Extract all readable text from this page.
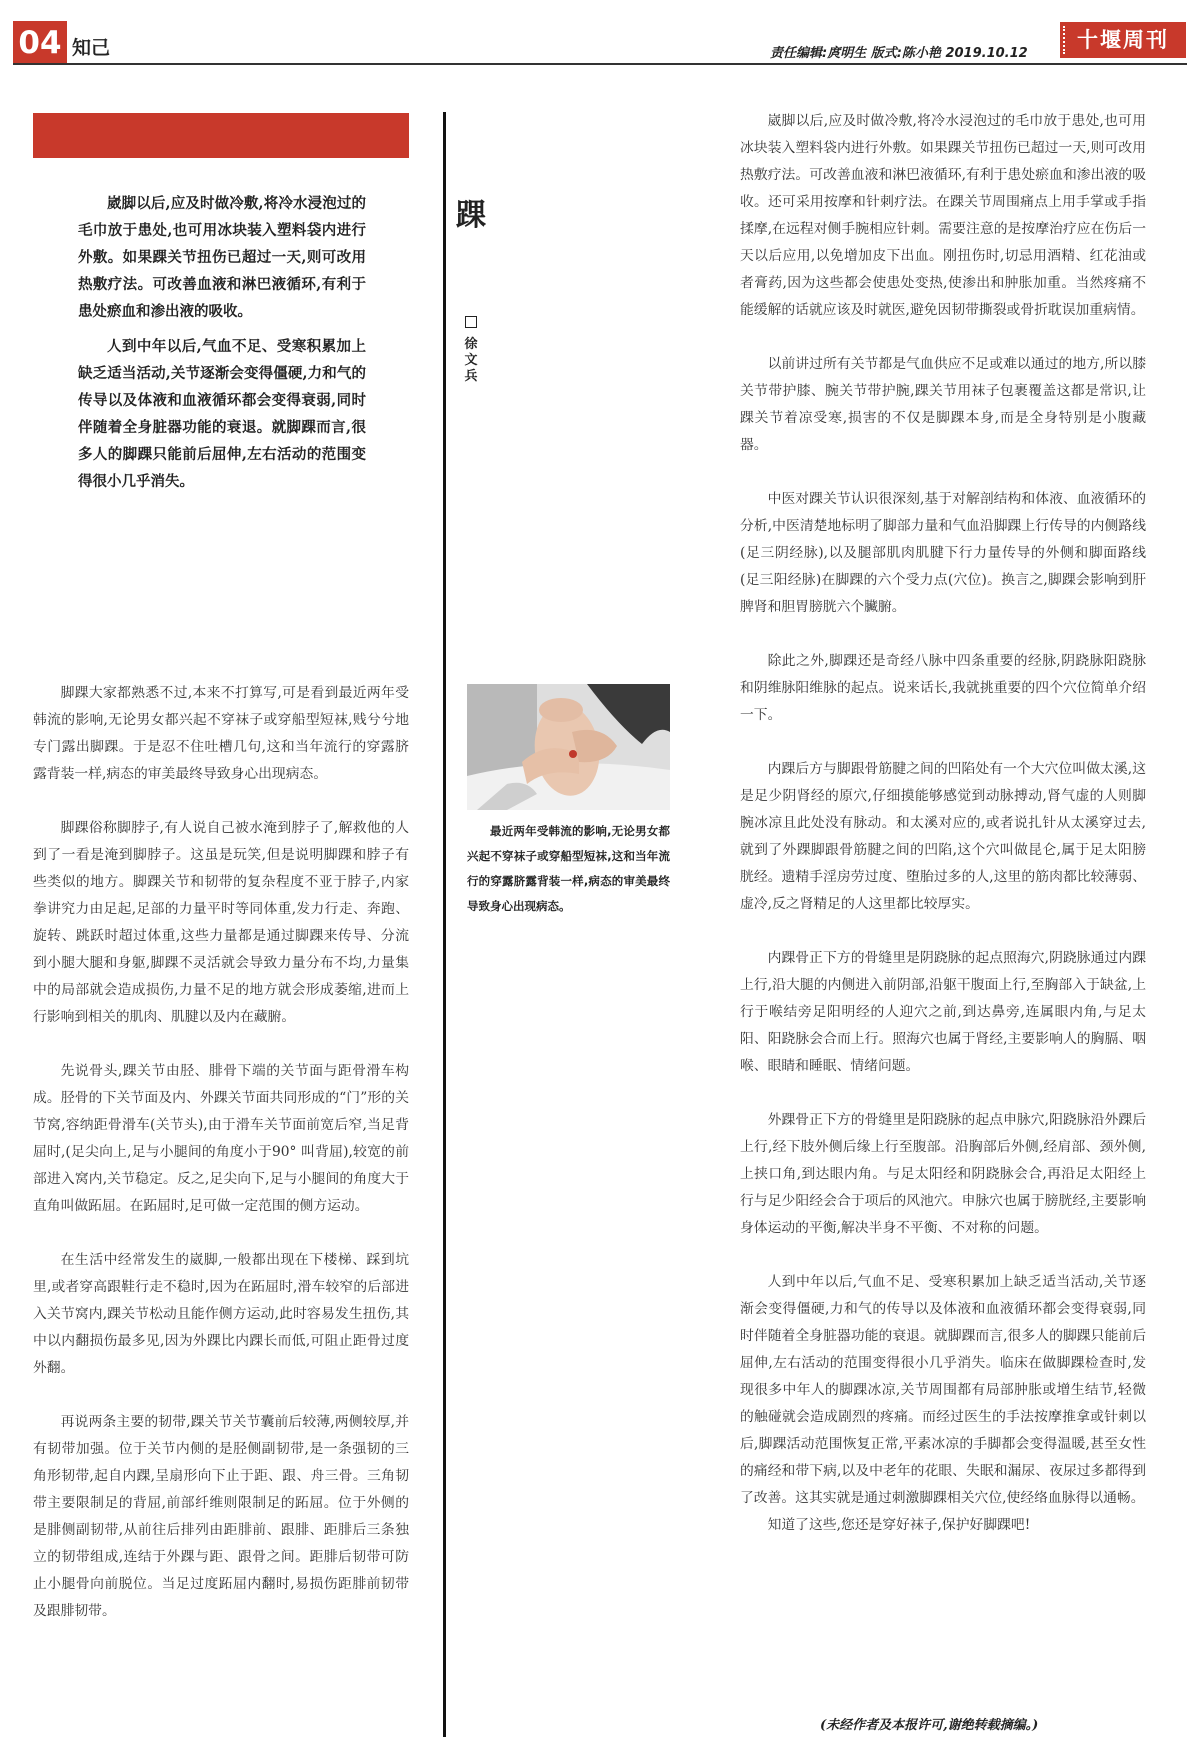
04 知己	责任编辑:庹明生 版式:陈小艳 2019.10.12
十堰周刊

崴脚以后,应及时做冷敷,将冷水浸泡过的毛巾放于患处,也可用冰块装入塑料袋内进行外敷。如果踝关节扭伤已超过一天,则可改用热敷疗法。可改善血液和淋巴液循环,有利于患处瘀血和渗出液的吸收。

人到中年以后,气血不足、受寒积累加上缺乏适当活动,关节逐渐会变得僵硬,力和气的传导以及体液和血液循环都会变得衰弱,同时伴随着全身脏器功能的衰退。就脚踝而言,很多人的脚踝只能前后屈伸,左右活动的范围变得很小几乎消失。

踝
徐文兵

最近两年受韩流的影响,无论男女都兴起不穿袜子或穿船型短袜,这和当年流行的穿露脐露背装一样,病态的审美最终导致身心出现病态。

脚踝大家都熟悉不过,本来不打算写,可是看到最近两年受韩流的影响,无论男女都兴起不穿袜子或穿船型短袜,贱兮兮地专门露出脚踝。于是忍不住吐槽几句,这和当年流行的穿露脐露背装一样,病态的审美最终导致身心出现病态。

脚踝俗称脚脖子,有人说自己被水淹到脖子了,解救他的人到了一看是淹到脚脖子。这虽是玩笑,但是说明脚踝和脖子有些类似的地方。脚踝关节和韧带的复杂程度不亚于脖子,内家拳讲究力由足起,足部的力量平时等同体重,发力行走、奔跑、旋转、跳跃时超过体重,这些力量都是通过脚踝来传导、分流到小腿大腿和身躯,脚踝不灵活就会导致力量分布不均,力量集中的局部就会造成损伤,力量不足的地方就会形成萎缩,进而上行影响到相关的肌肉、肌腱以及内在藏腑。

先说骨头,踝关节由胫、腓骨下端的关节面与距骨滑车构成。胫骨的下关节面及内、外踝关节面共同形成的“门”形的关节窝,容纳距骨滑车(关节头),由于滑车关节面前宽后窄,当足背屈时,(足尖向上,足与小腿间的角度小于90° 叫背屈),较宽的前部进入窝内,关节稳定。反之,足尖向下,足与小腿间的角度大于直角叫做跖屈。在跖屈时,足可做一定范围的侧方运动。

在生活中经常发生的崴脚,一般都出现在下楼梯、踩到坑里,或者穿高跟鞋行走不稳时,因为在跖屈时,滑车较窄的后部进入关节窝内,踝关节松动且能作侧方运动,此时容易发生扭伤,其中以内翻损伤最多见,因为外踝比内踝长而低,可阻止距骨过度外翻。

再说两条主要的韧带,踝关节关节囊前后较薄,两侧较厚,并有韧带加强。位于关节内侧的是胫侧副韧带,是一条强韧的三角形韧带,起自内踝,呈扇形向下止于距、跟、舟三骨。三角韧带主要限制足的背屈,前部纤维则限制足的跖屈。位于外侧的是腓侧副韧带,从前往后排列由距腓前、跟腓、距腓后三条独立的韧带组成,连结于外踝与距、跟骨之间。距腓后韧带可防止小腿骨向前脱位。当足过度跖屈内翻时,易损伤距腓前韧带及跟腓韧带。

崴脚以后,应及时做冷敷,将冷水浸泡过的毛巾放于患处,也可用冰块装入塑料袋内进行外敷。如果踝关节扭伤已超过一天,则可改用热敷疗法。可改善血液和淋巴液循环,有利于患处瘀血和渗出液的吸收。还可采用按摩和针刺疗法。在踝关节周围痛点上用手掌或手指揉摩,在远程对侧手腕相应针刺。需要注意的是按摩治疗应在伤后一天以后应用,以免增加皮下出血。刚扭伤时,切忌用酒精、红花油或者膏药,因为这些都会使患处变热,使渗出和肿胀加重。当然疼痛不能缓解的话就应该及时就医,避免因韧带撕裂或骨折耽误加重病情。

以前讲过所有关节都是气血供应不足或难以通过的地方,所以膝关节带护膝、腕关节带护腕,踝关节用袜子包裹覆盖这都是常识,让踝关节着凉受寒,损害的不仅是脚踝本身,而是全身特别是小腹藏器。

中医对踝关节认识很深刻,基于对解剖结构和体液、血液循环的分析,中医清楚地标明了脚部力量和气血沿脚踝上行传导的内侧路线(足三阴经脉),以及腿部肌肉肌腱下行力量传导的外侧和脚面路线(足三阳经脉)在脚踝的六个受力点(穴位)。换言之,脚踝会影响到肝脾肾和胆胃膀胱六个臟腑。

除此之外,脚踝还是奇经八脉中四条重要的经脉,阴跷脉阳跷脉和阴维脉阳维脉的起点。说来话长,我就挑重要的四个穴位简单介绍一下。

内踝后方与脚跟骨筋腱之间的凹陷处有一个大穴位叫做太溪,这是足少阴肾经的原穴,仔细摸能够感觉到动脉搏动,肾气虚的人则脚腕冰凉且此处没有脉动。和太溪对应的,或者说扎针从太溪穿过去,就到了外踝脚跟骨筋腱之间的凹陷,这个穴叫做昆仑,属于足太阳膀胱经。遗精手淫房劳过度、堕胎过多的人,这里的筋肉都比较薄弱、虚冷,反之肾精足的人这里都比较厚实。

内踝骨正下方的骨缝里是阴跷脉的起点照海穴,阴跷脉通过内踝上行,沿大腿的内侧进入前阴部,沿躯干腹面上行,至胸部入于缺盆,上行于喉结旁足阳明经的人迎穴之前,到达鼻旁,连属眼内角,与足太阳、阳跷脉会合而上行。照海穴也属于肾经,主要影响人的胸膈、咽喉、眼睛和睡眠、情绪问题。

外踝骨正下方的骨缝里是阳跷脉的起点申脉穴,阳跷脉沿外踝后上行,经下肢外侧后缘上行至腹部。沿胸部后外侧,经肩部、颈外侧,上挟口角,到达眼内角。与足太阳经和阴跷脉会合,再沿足太阳经上行与足少阳经会合于项后的风池穴。申脉穴也属于膀胱经,主要影响身体运动的平衡,解决半身不平衡、不对称的问题。

人到中年以后,气血不足、受寒积累加上缺乏适当活动,关节逐渐会变得僵硬,力和气的传导以及体液和血液循环都会变得衰弱,同时伴随着全身脏器功能的衰退。就脚踝而言,很多人的脚踝只能前后屈伸,左右活动的范围变得很小几乎消失。临床在做脚踝检查时,发现很多中年人的脚踝冰凉,关节周围都有局部肿胀或增生结节,轻微的触碰就会造成剧烈的疼痛。而经过医生的手法按摩推拿或针刺以后,脚踝活动范围恢复正常,平素冰凉的手脚都会变得温暖,甚至女性的痛经和带下病,以及中老年的花眼、失眠和漏尿、夜尿过多都得到了改善。这其实就是通过刺激脚踝相关穴位,使经络血脉得以通畅。

知道了这些,您还是穿好袜子,保护好脚踝吧!

(未经作者及本报许可,谢绝转载摘编。)
